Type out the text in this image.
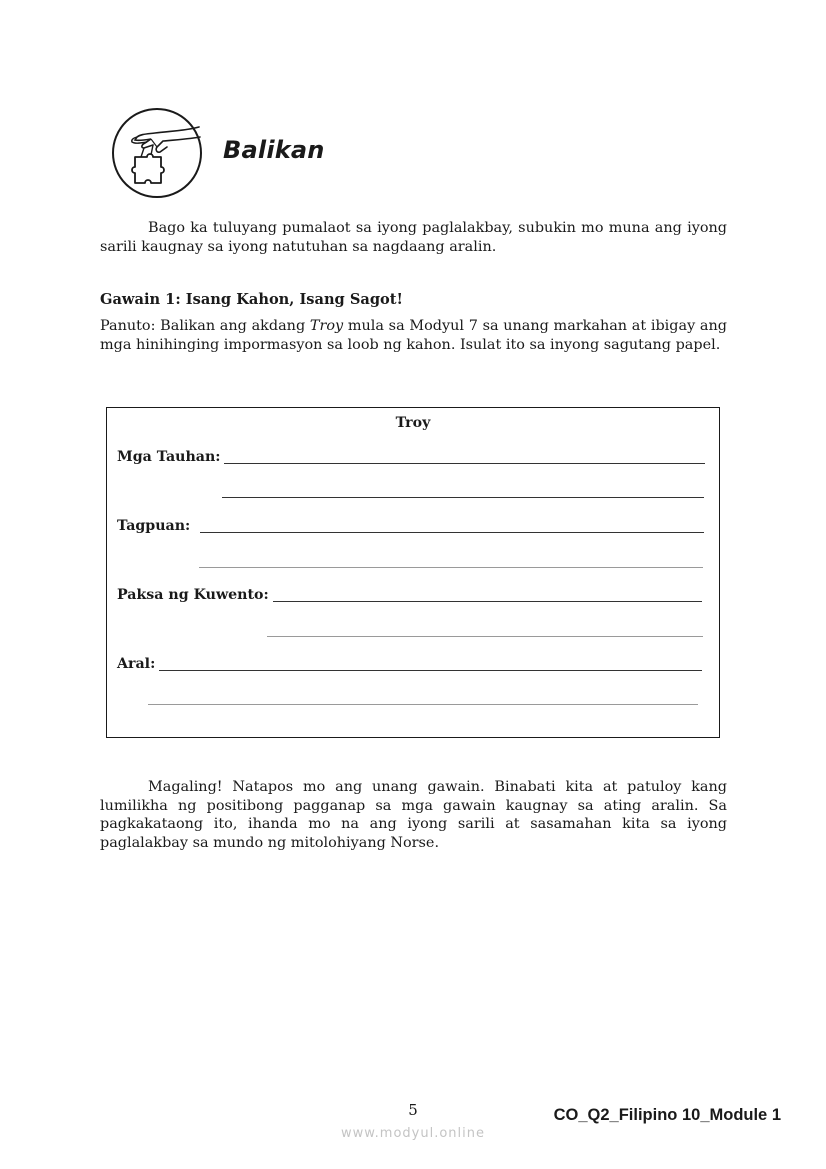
Balikan

Bago ka tuluyang pumalaot sa iyong paglalakbay, subukin mo muna ang iyong sarili kaugnay sa iyong natutuhan sa nagdaang aralin.

Gawain 1: Isang Kahon, Isang Sagot!

Panuto: Balikan ang akdang Troy mula sa Modyul 7 sa unang markahan at ibigay ang mga hinihinging impormasyon sa loob ng kahon. Isulat ito sa inyong sagutang papel.

Troy
Mga Tauhan:
Tagpuan:
Paksa ng Kuwento:
Aral:

Magaling! Natapos mo ang unang gawain. Binabati kita at patuloy kang lumilikha ng positibong pagganap sa mga gawain kaugnay sa ating aralin. Sa pagkakataong ito, ihanda mo na ang iyong sarili at sasamahan kita sa iyong paglalakbay sa mundo ng mitolohiyang Norse.

5	CO_Q2_Filipino 10_Module 1
www.modyul.online
